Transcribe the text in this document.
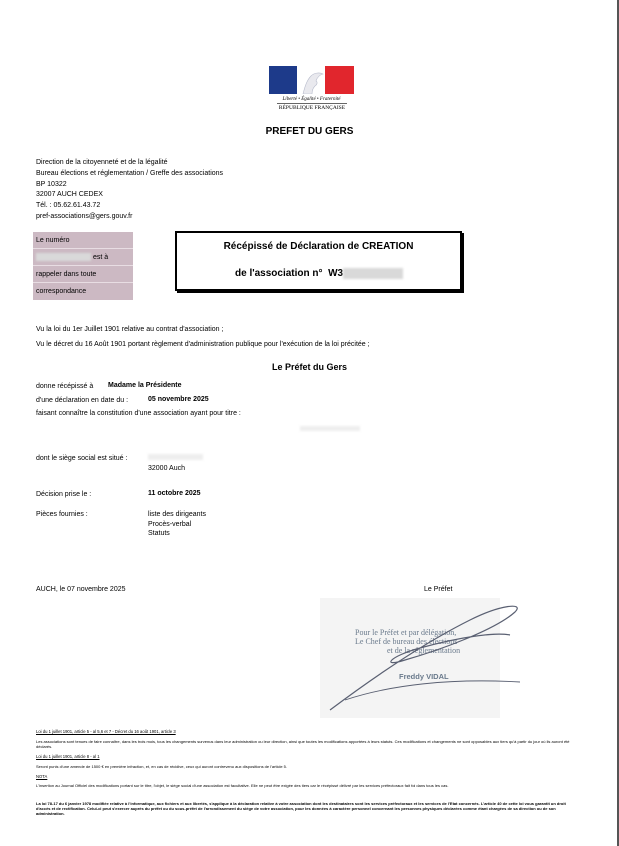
Liberté • Égalité • Fraternité
RÉPUBLIQUE FRANÇAISE
PREFET DU GERS
Direction de la citoyenneté et de la légalité
Bureau élections et réglementation / Greffe des associations
BP 10322
32007 AUCH CEDEX
Tél. : 05.62.61.43.72
pref-associations@gers.gouv.fr
Le numéro
est à
rappeler dans toute
correspondance
Récépissé de Déclaration de CREATION
de l'association n° W3
Vu la loi du 1er Juillet 1901 relative au contrat d'association ;
Vu le décret du 16 Août 1901 portant règlement d'administration publique pour l'exécution de la loi précitée ;
Le Préfet du Gers
donne récépissé à Madame la Présidente
d'une déclaration en date du :	05 novembre 2025
faisant connaître la constitution d'une association ayant pour titre :
dont le siège social est situé :
32000 Auch
Décision prise le :	11 octobre 2025
Pièces fournies :	liste des dirigeants
Procès-verbal
Statuts
AUCH, le 07 novembre 2025	Le Préfet
Pour le Préfet et par délégation,
Le Chef de bureau des élections
et de la réglementation
Freddy VIDAL
Loi du 1 juillet 1901, article 5 - al 5,6 et 7 - Décret du 16 août 1901, article 3
Les associations sont tenues de faire connaître, dans les trois mois, tous les changements survenus dans leur administration ou leur direction, ainsi que toutes les modifications apportées à leurs statuts. Ces modifications et changements ne sont opposables aux tiers qu'à partir du jour où ils auront été déclarés.
Loi du 1 juillet 1901, article 8 - al 1
Seront punis d'une amende de 1500 € en première infraction, et, en cas de récidive, ceux qui auront contrevenu aux dispositions de l'article 5.
NOTA
L'insertion au Journal Officiel des modifications portant sur le titre, l'objet, le siège social d'une association est facultative. Elle ne peut être exigée des tiers car le récépissé délivré par les services préfectoraux fait foi dans tous les cas.
La loi 78-17 du 6 janvier 1978 modifiée relative à l'informatique, aux fichiers et aux libertés, s'applique à la déclaration relative à votre association dont les destinataires sont les services préfectoraux et les services de l'Etat concernés. L'article 40 de cette loi vous garantit un droit d'accès et de rectification. Celui-ci peut s'exercer auprès du préfet ou du sous-préfet de l'arrondissement du siège de votre association, pour les données à caractère personnel concernant les personnes physiques déclarées comme étant chargées de sa direction ou de son administration.
